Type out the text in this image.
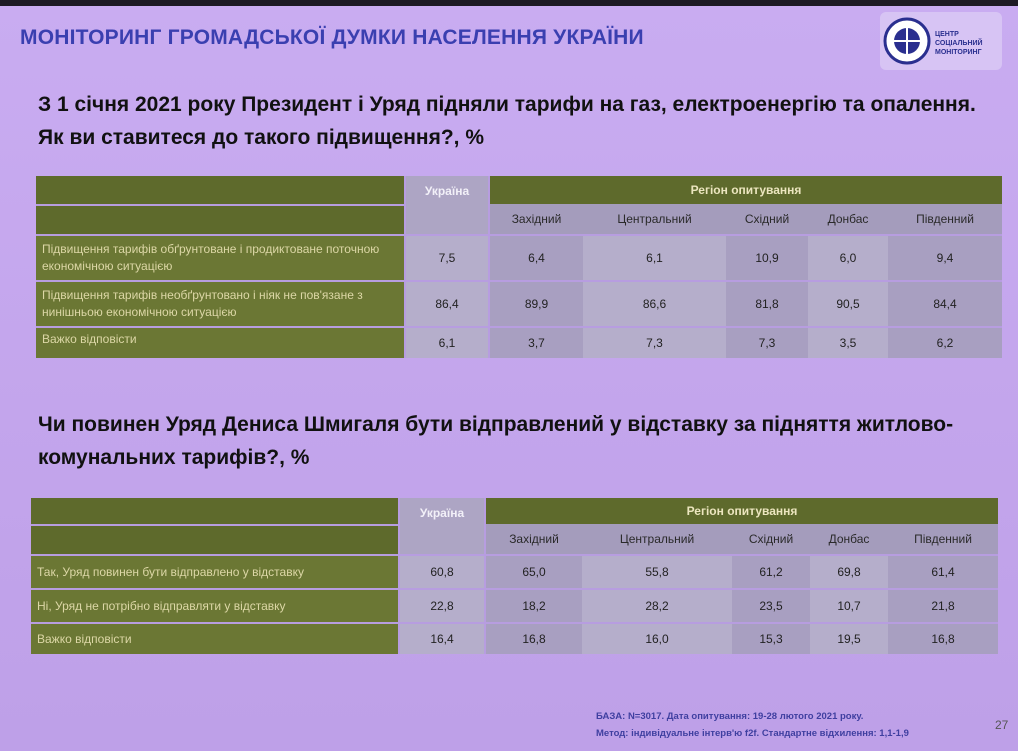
МОНІТОРИНГ ГРОМАДСЬКОЇ ДУМКИ НАСЕЛЕННЯ УКРАЇНИ	ЦЕНТР
СОЦІАЛЬНИЙ
МОНІТОРИНГ
З 1 січня 2021 року Президент і Уряд підняли тарифи на газ, електроенергію та опалення. Як ви ставитеся до такого підвищення?, %
	Україна	Регіон опитування				
		Західний	Центральний	Східний	Донбас	Південний
Підвищення тарифів обґрунтоване і продиктоване поточною економічною ситуацією	7,5	6,4	6,1	10,9	6,0	9,4
Підвищення тарифів необґрунтовано і ніяк не пов'язане з нинішньою економічною ситуацією	86,4	89,9	86,6	81,8	90,5	84,4
Важко відповісти	6,1	3,7	7,3	7,3	3,5	6,2
Чи повинен Уряд Дениса Шмигаля бути відправлений у відставку за підняття житлово-комунальних тарифів?, %
	Україна	Регіон опитування				
		Західний	Центральний	Східний	Донбас	Південний
Так, Уряд повинен бути відправлено у відставку	60,8	65,0	55,8	61,2	69,8	61,4
Ні, Уряд не потрібно відправляти у відставку	22,8	18,2	28,2	23,5	10,7	21,8
Важко відповісти	16,4	16,8	16,0	15,3	19,5	16,8
БАЗА: N=3017. Дата опитування: 19-28 лютого 2021 року.
Метод: індивідуальне інтерв'ю f2f. Стандартне відхилення: 1,1-1,9
27
